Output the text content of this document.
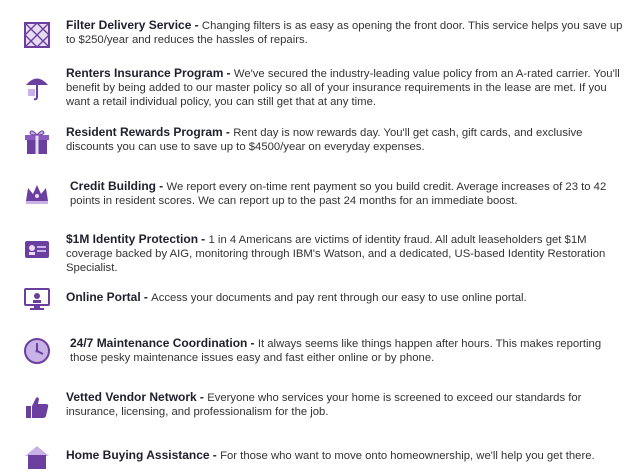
Filter Delivery Service - Changing filters is as easy as opening the front door. This service helps you save up to $250/year and reduces the hassles of repairs.
Renters Insurance Program - We've secured the industry-leading value policy from an A-rated carrier. You'll benefit by being added to our master policy so all of your insurance requirements in the lease are met. If you want a retail individual policy, you can still get that at any time.
Resident Rewards Program - Rent day is now rewards day. You'll get cash, gift cards, and exclusive discounts you can use to save up to $4500/year on everyday expenses.
Credit Building - We report every on-time rent payment so you build credit. Average increases of 23 to 42 points in resident scores. We can report up to the past 24 months for an immediate boost.
$1M Identity Protection - 1 in 4 Americans are victims of identity fraud. All adult leaseholders get $1M coverage backed by AIG, monitoring through IBM's Watson, and a dedicated, US-based Identity Restoration Specialist.
Online Portal - Access your documents and pay rent through our easy to use online portal.
24/7 Maintenance Coordination - It always seems like things happen after hours. This makes reporting those pesky maintenance issues easy and fast either online or by phone.
Vetted Vendor Network - Everyone who services your home is screened to exceed our standards for insurance, licensing, and professionalism for the job.
Home Buying Assistance - For those who want to move onto homeownership, we'll help you get there.
